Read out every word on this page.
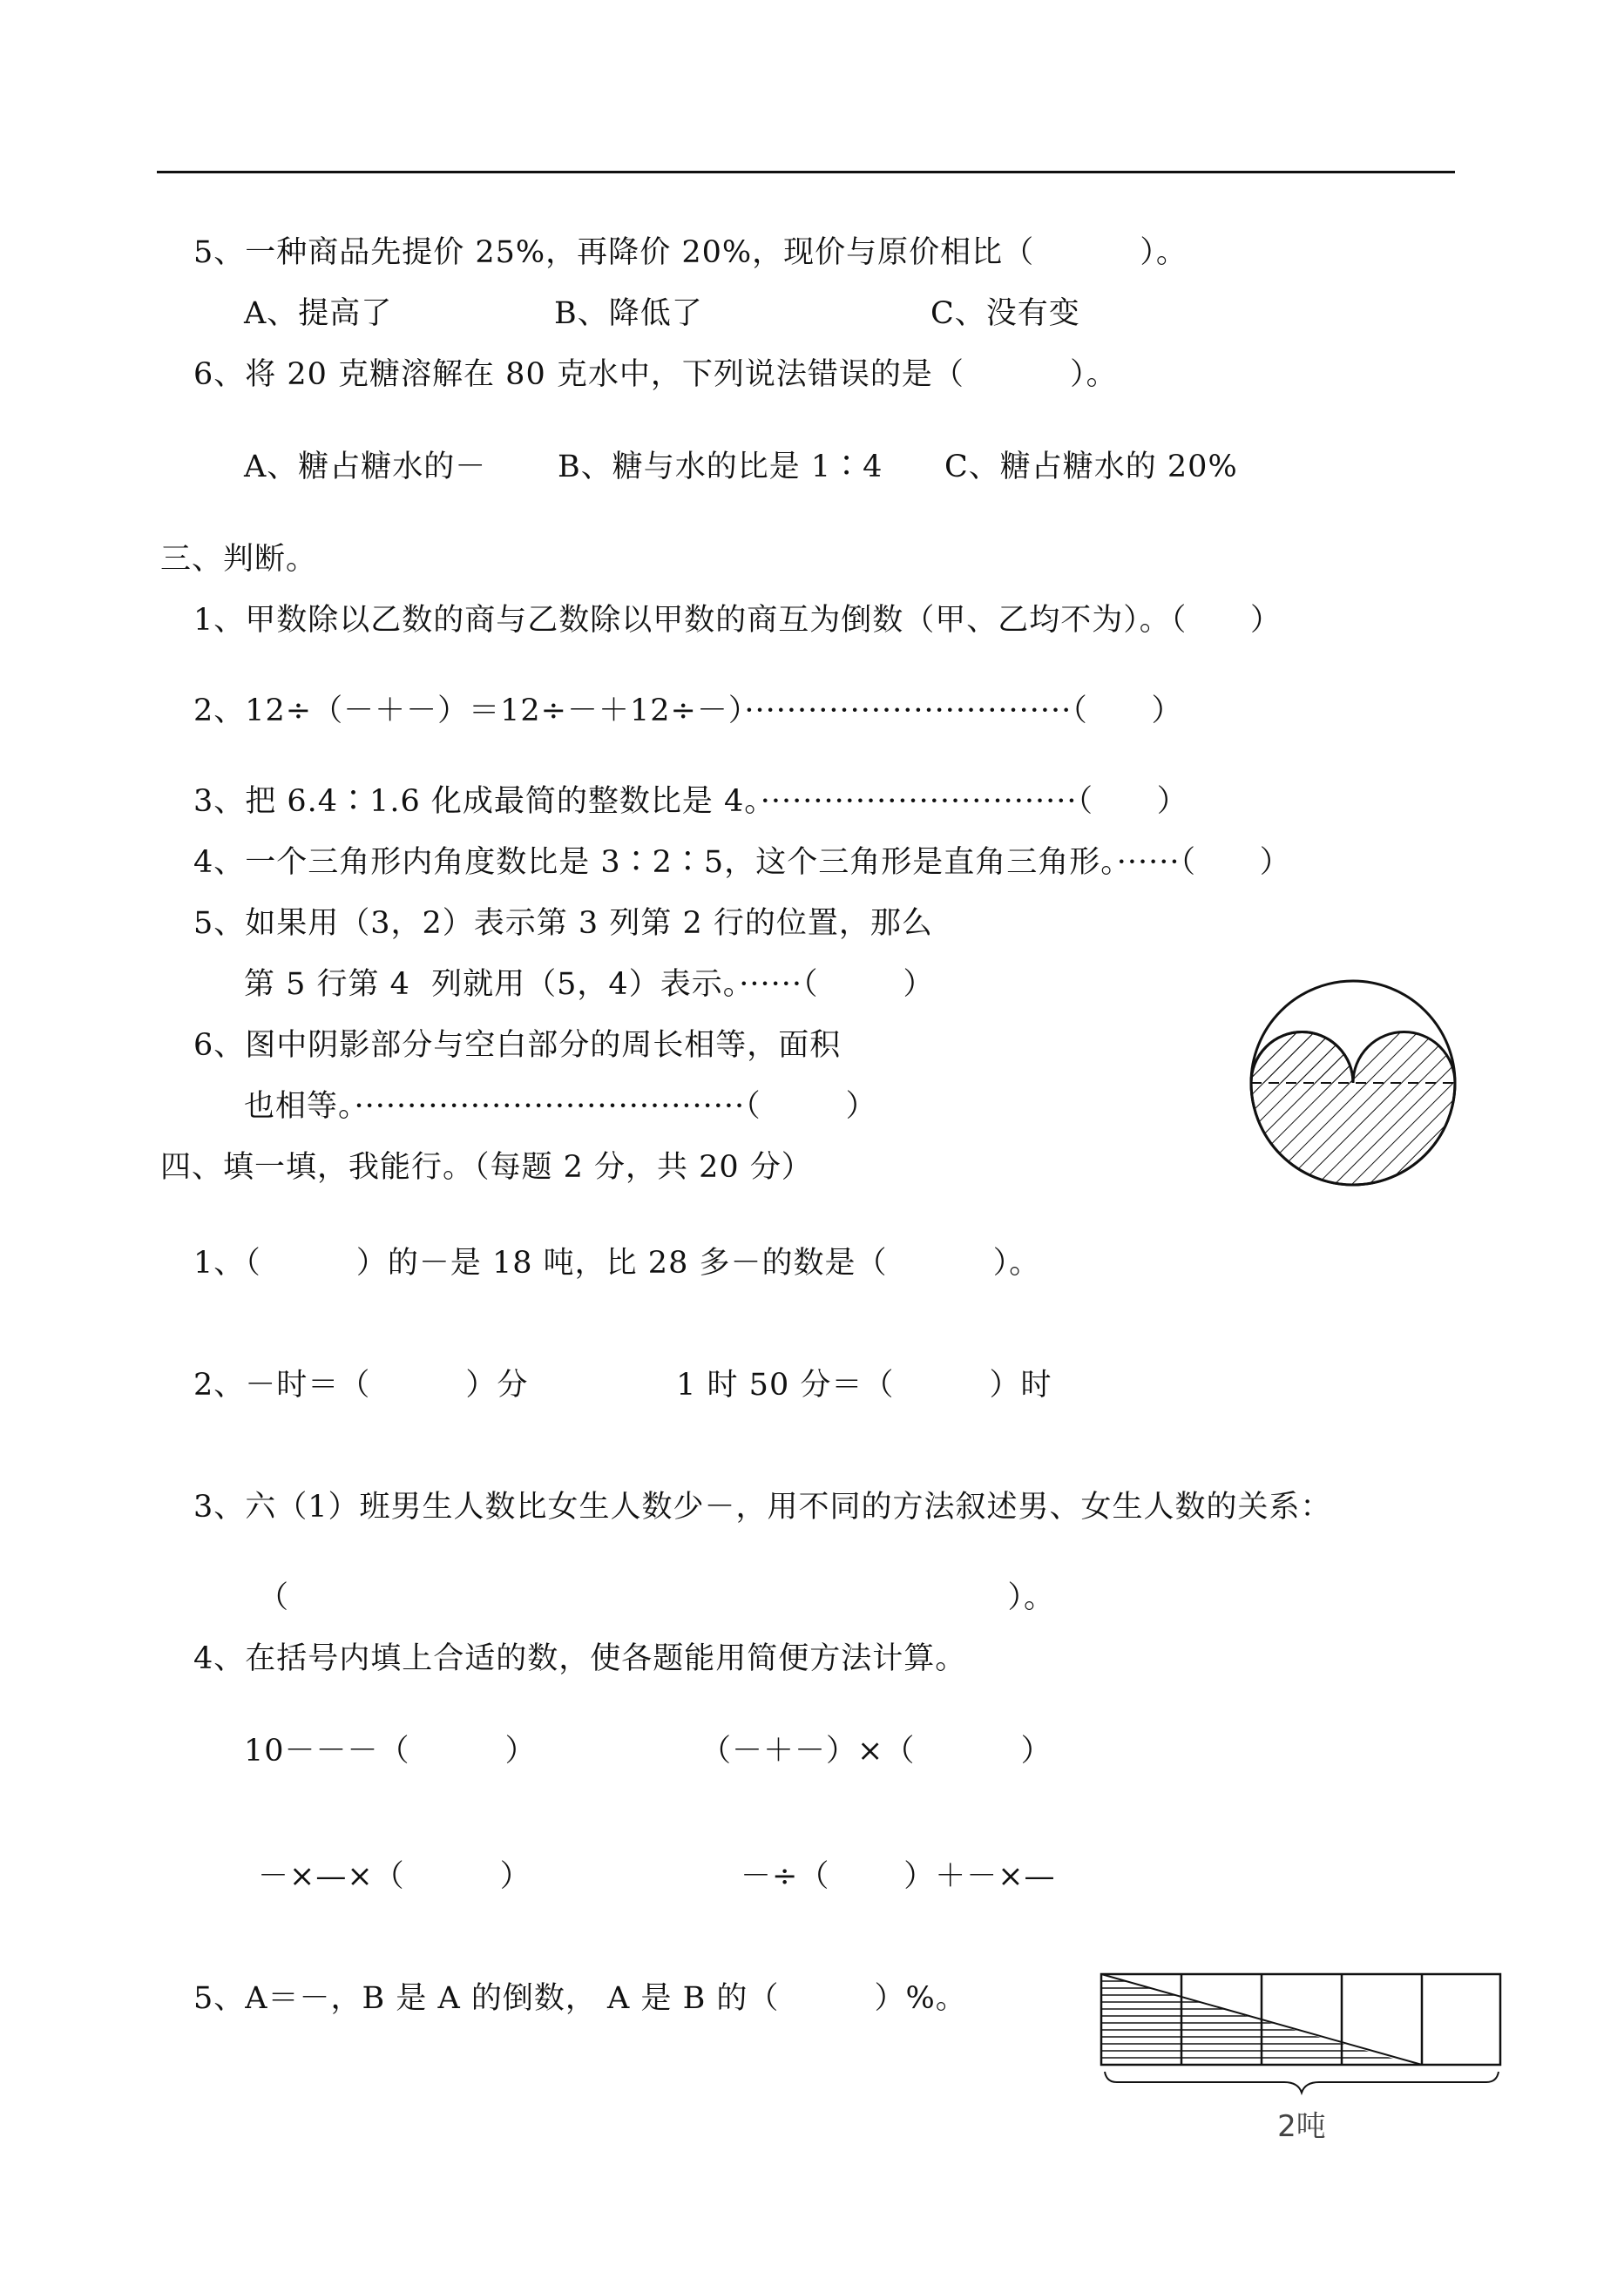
5、一种商品先提价 25%，再降价 20%，现价与原价相比（          ）。
A、提高了	B、降低了	C、没有变
6、将 20 克糖溶解在 80 克水中，下列说法错误的是（          ）。
A、糖占糖水的－ B、糖与水的比是 1∶4 C、糖占糖水的 20%
三、判断。
1、甲数除以乙数的商与乙数除以甲数的商互为倒数（甲、乙均不为）。（      ）
2、12÷（－＋－）＝12÷－＋12÷－）·······························（      ）
3、把 6.4∶1.6 化成最简的整数比是 4。······························（      ）
4、一个三角形内角度数比是 3∶2∶5，这个三角形是直角三角形。······（      ）
5、如果用（3，2）表示第 3 列第 2 行的位置，那么
第 5 行第 4  列就用（5，4）表示。······（        ）
6、图中阴影部分与空白部分的周长相等，面积
也相等。·····································（        ）
四、填一填，我能行。（每题 2 分，共 20 分）
1、（         ）的－是 18 吨，比 28 多－的数是（          ）。
2、－时＝（         ）分              1 时 50 分＝（         ）时
3、六（1）班男生人数比女生人数少－，用不同的方法叙述男、女生人数的关系：
（                                                                    ）。
4、在括号内填上合适的数，使各题能用简便方法计算。
10－－－（         ）	（－＋－）×（          ）
－×—×（         ）	－÷（       ）＋－×—
5、A＝－，B 是 A 的倒数， A 是 B 的（         ）%。
2吨
